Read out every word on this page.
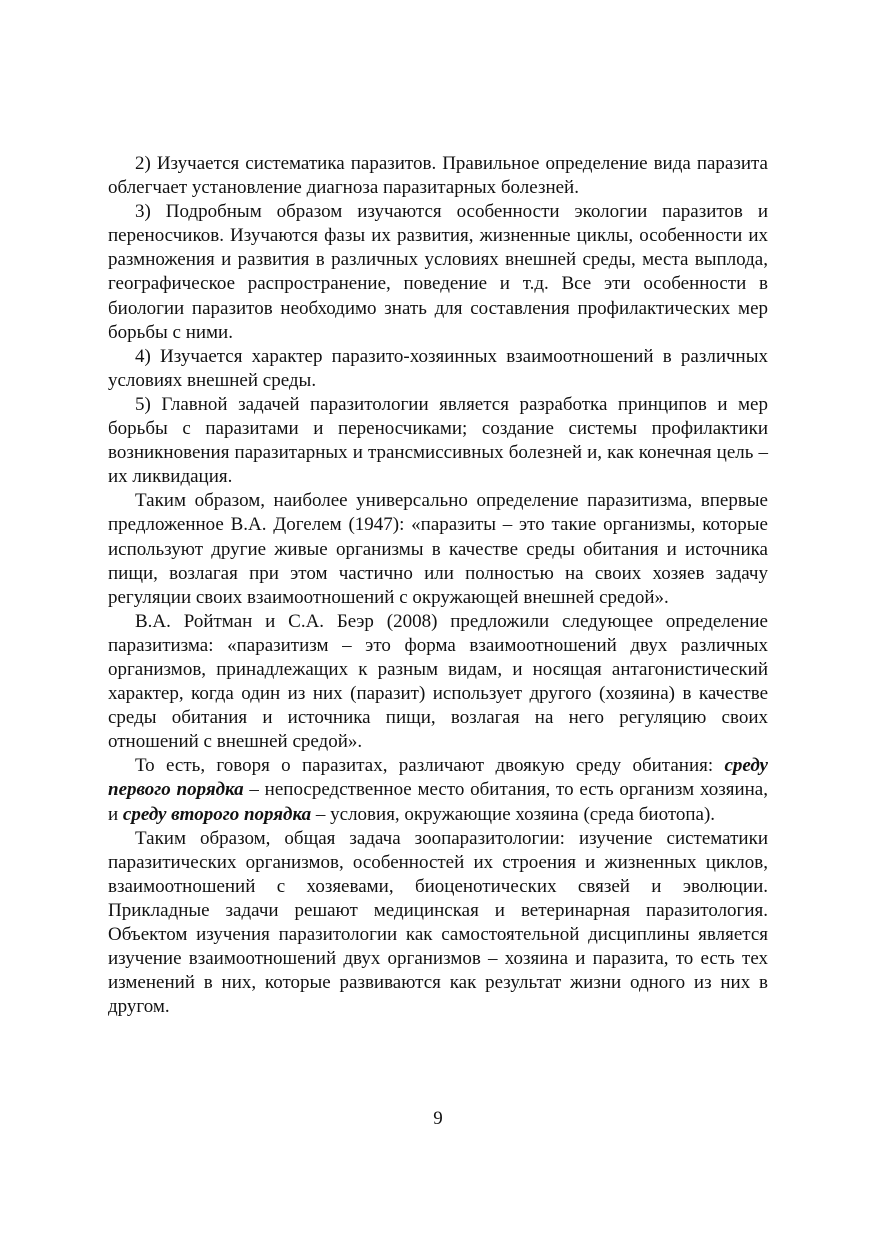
2) Изучается систематика паразитов. Правильное определение вида паразита облегчает установление диагноза паразитарных болезней.

3) Подробным образом изучаются особенности экологии паразитов и переносчиков. Изучаются фазы их развития, жизненные циклы, особенности их размножения и развития в различных условиях внешней среды, места выплода, географическое распространение, поведение и т.д. Все эти особенности в биологии паразитов необходимо знать для составления профилактических мер борьбы с ними.

4) Изучается характер паразито-хозяинных взаимоотношений в различных условиях внешней среды.

5) Главной задачей паразитологии является разработка принципов и мер борьбы с паразитами и переносчиками; создание системы профилактики возникновения паразитарных и трансмиссивных болезней и, как конечная цель – их ликвидация.

Таким образом, наиболее универсально определение паразитизма, впервые предложенное В.А. Догелем (1947): «паразиты – это такие организмы, которые используют другие живые организмы в качестве среды обитания и источника пищи, возлагая при этом частично или полностью на своих хозяев задачу регуляции своих взаимоотношений с окружающей внешней средой».

В.А. Ройтман и С.А. Беэр (2008) предложили следующее определение паразитизма: «паразитизм – это форма взаимоотношений двух различных организмов, принадлежащих к разным видам, и носящая антагонистический характер, когда один из них (паразит) использует другого (хозяина) в качестве среды обитания и источника пищи, возлагая на него регуляцию своих отношений с внешней средой».

То есть, говоря о паразитах, различают двоякую среду обитания: среду первого порядка – непосредственное место обитания, то есть организм хозяина, и среду второго порядка – условия, окружающие хозяина (среда биотопа).

Таким образом, общая задача зоопаразитологии: изучение систематики паразитических организмов, особенностей их строения и жизненных циклов, взаимоотношений с хозяевами, биоценотических связей и эволюции. Прикладные задачи решают медицинская и ветеринарная паразитология. Объектом изучения паразитологии как самостоятельной дисциплины является изучение взаимоотношений двух организмов – хозяина и паразита, то есть тех изменений в них, которые развиваются как результат жизни одного из них в другом.

9
